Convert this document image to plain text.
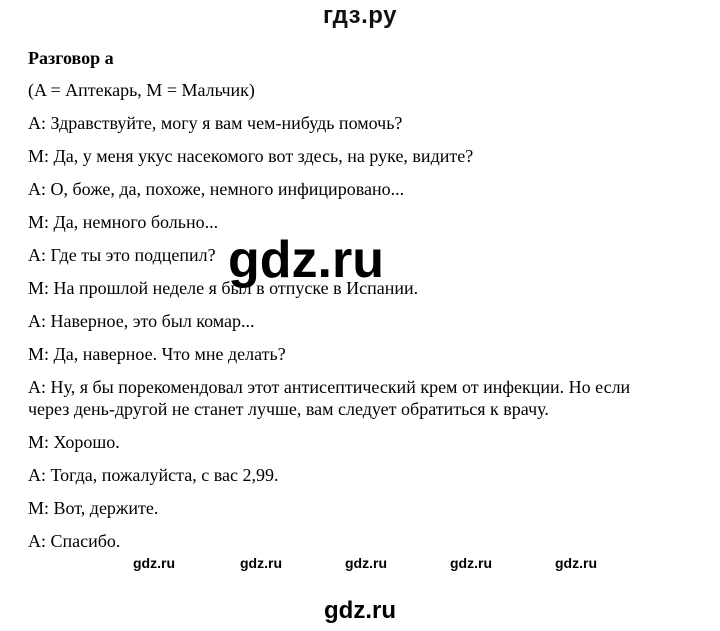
гдз.ру
Разговор a
(A = Аптекарь, M = Мальчик)
A: Здравствуйте, могу я вам чем-нибудь помочь?
M: Да, у меня укус насекомого вот здесь, на руке, видите?
A: O, боже, да, похоже, немного инфицировано...
M: Да, немного больно...
A: Где ты это подцепил?
M: На прошлой неделе я был в отпуске в Испании.
A: Наверное, это был комар...
M: Да, наверное. Что мне делать?
A: Ну, я бы порекомендовал этот антисептический крем от инфекции. Но если через день-другой не станет лучше, вам следует обратиться к врачу.
M: Хорошо.
A: Тогда, пожалуйста, с вас 2,99.
M: Вот, держите.
A: Спасибо.
gdz.ru
gdz.ru	gdz.ru	gdz.ru	gdz.ru	gdz.ru
gdz.ru
